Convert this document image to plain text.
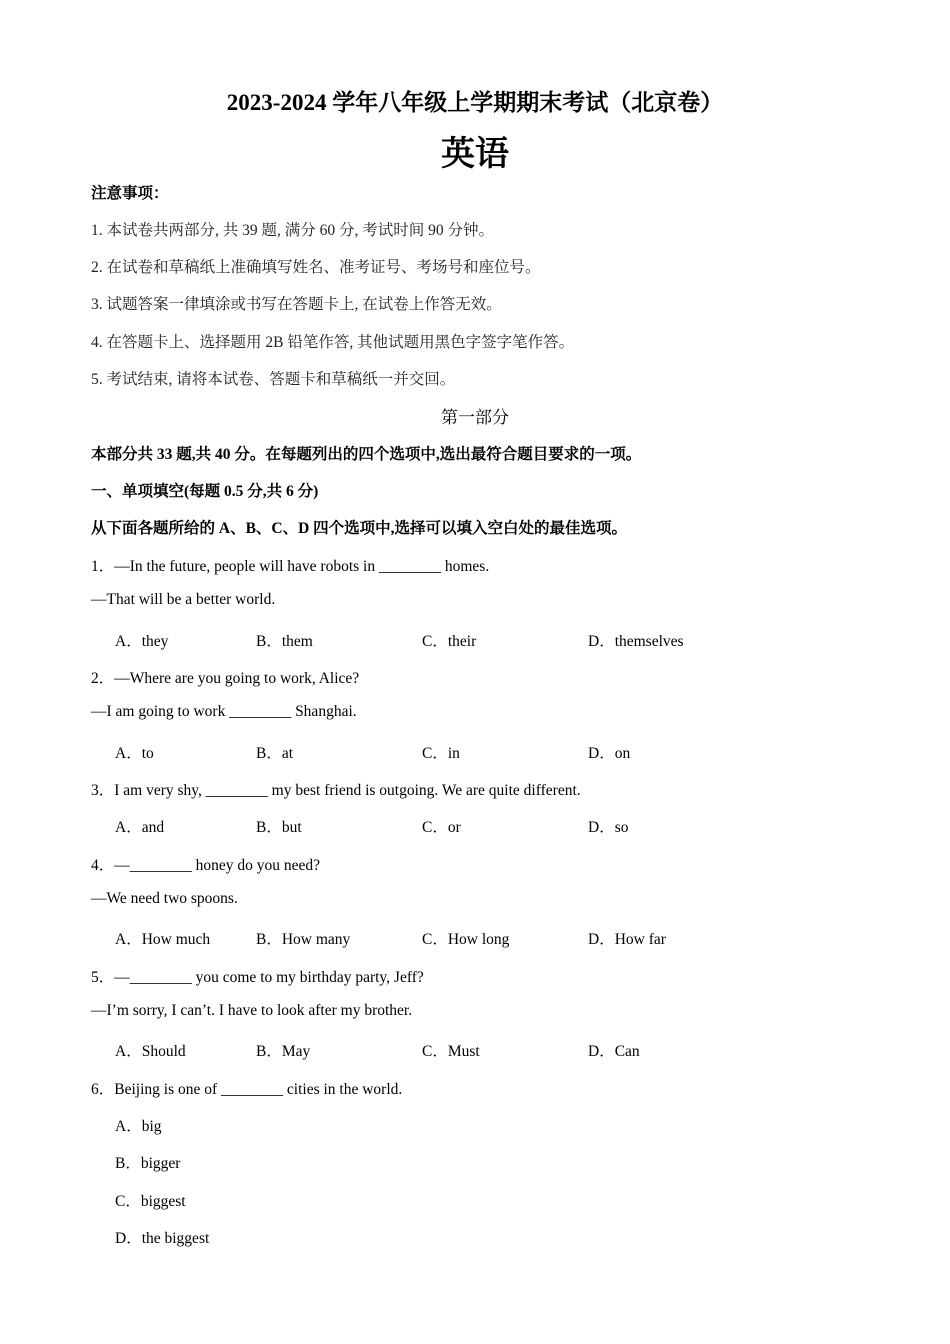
2023-2024 学年八年级上学期期末考试（北京卷）
英语
注意事项：
1. 本试卷共两部分, 共 39 题, 满分 60 分, 考试时间 90 分钟。
2. 在试卷和草稿纸上准确填写姓名、准考证号、考场号和座位号。
3. 试题答案一律填涂或书写在答题卡上, 在试卷上作答无效。
4. 在答题卡上、选择题用 2B 铅笔作答, 其他试题用黑色字签字笔作答。
5. 考试结束, 请将本试卷、答题卡和草稿纸一并交回。
第一部分
本部分共 33 题,共 40 分。在每题列出的四个选项中,选出最符合题目要求的一项。
一、单项填空(每题 0.5 分,共 6 分)
从下面各题所给的 A、B、C、D 四个选项中,选择可以填入空白处的最佳选项。
1．—In the future, people will have robots in ________ homes.
—That will be a better world.
A．they	B．them	C．their	D．themselves
2．—Where are you going to work, Alice?
—I am going to work ________ Shanghai.
A．to	B．at	C．in	D．on
3．I am very shy, ________ my best friend is outgoing. We are quite different.
A．and	B．but	C．or	D．so
4．—________ honey do you need?
—We need two spoons.
A．How much	B．How many	C．How long	D．How far
5．—________ you come to my birthday party, Jeff?
—I’m sorry, I can’t. I have to look after my brother.
A．Should	B．May	C．Must	D．Can
6．Beijing is one of ________ cities in the world.
A．big
B．bigger
C．biggest
D．the biggest
